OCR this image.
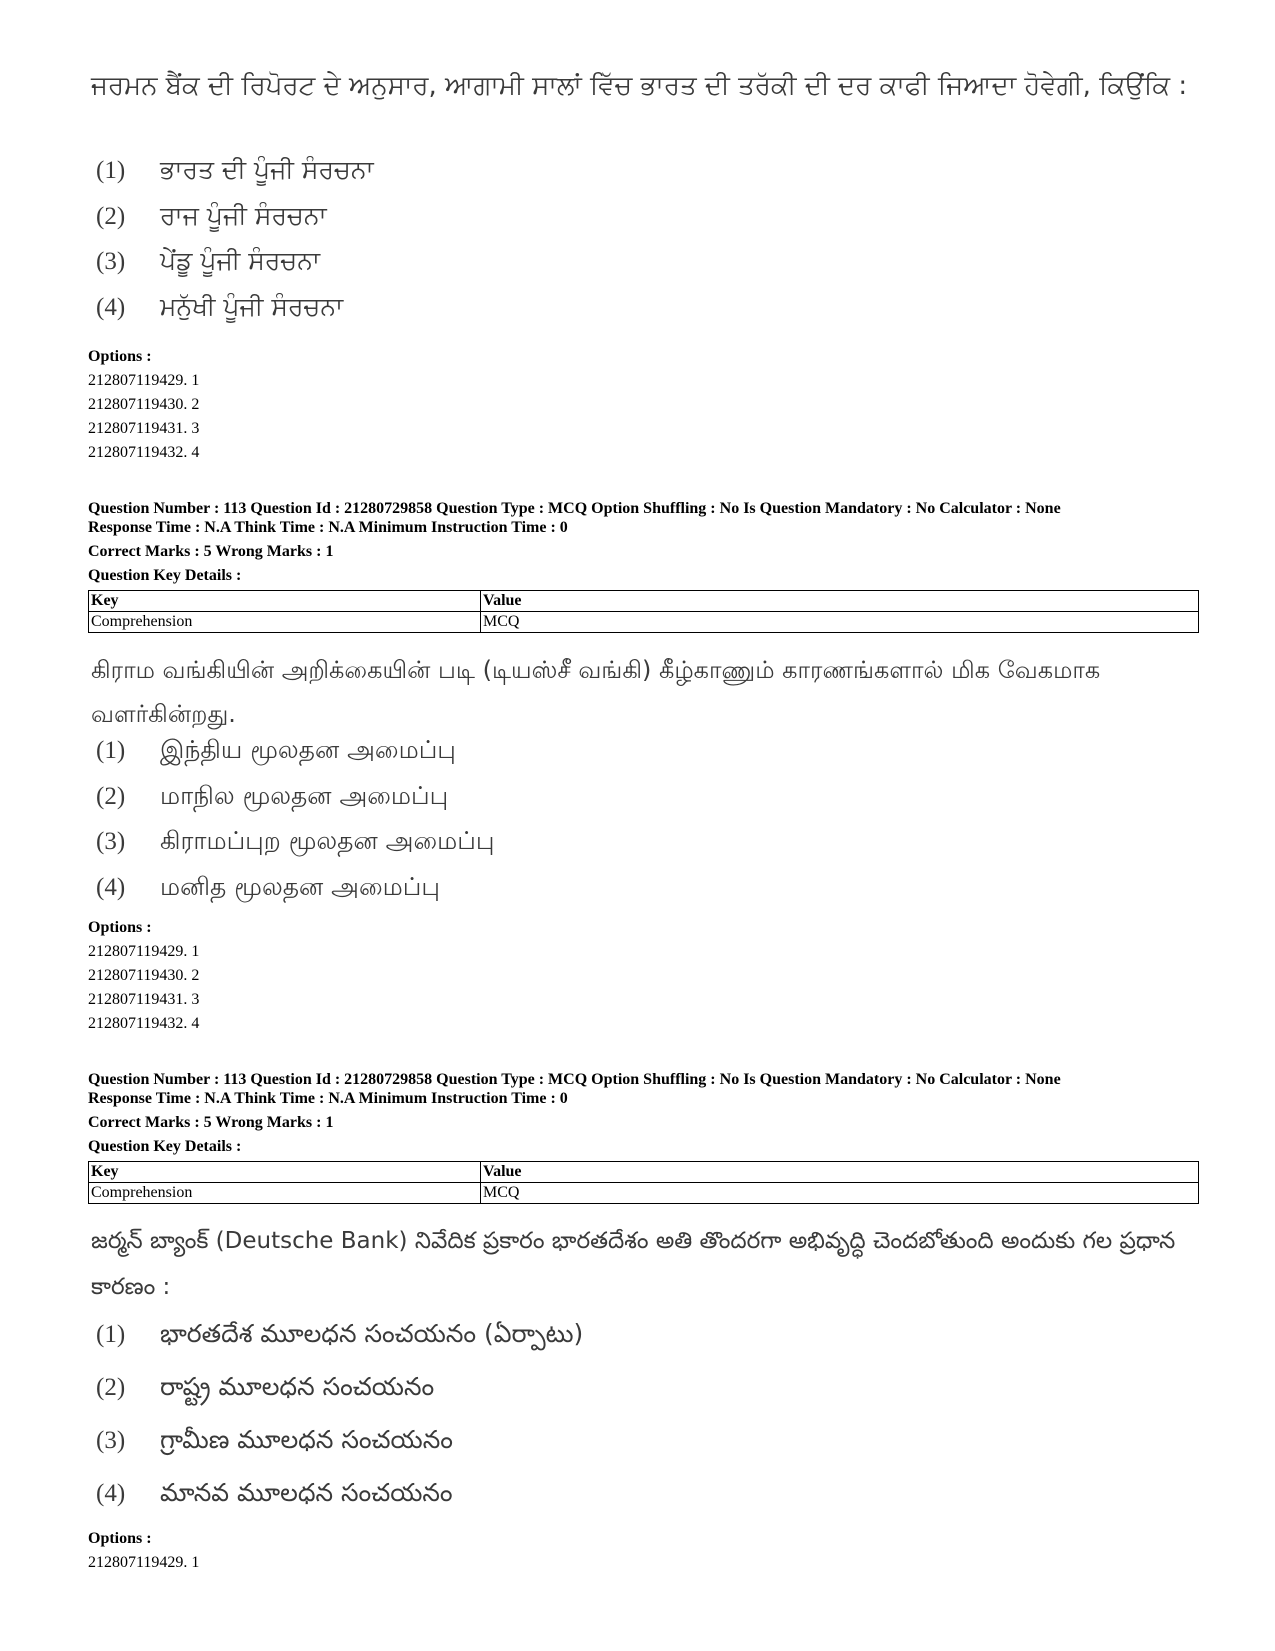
ਜਰਮਨ ਬੈਂਕ ਦੀ ਰਿਪੋਰਟ ਦੇ ਅਨੁਸਾਰ, ਆਗਾਮੀ ਸਾਲਾਂ ਵਿੱਚ ਭਾਰਤ ਦੀ ਤਰੱਕੀ ਦੀ ਦਰ ਕਾਫੀ ਜਿਆਦਾ ਹੋਵੇਗੀ, ਕਿਉਂਕਿ :
(1) ਭਾਰਤ ਦੀ ਪੂੰਜੀ ਸੰਰਚਨਾ
(2) ਰਾਜ ਪੂੰਜੀ ਸੰਰਚਨਾ
(3) ਪੇਂਡੂ ਪੂੰਜੀ ਸੰਰਚਨਾ
(4) ਮਨੁੱਖੀ ਪੂੰਜੀ ਸੰਰਚਨਾ
Options :
212807119429. 1
212807119430. 2
212807119431. 3
212807119432. 4
Question Number : 113 Question Id : 21280729858 Question Type : MCQ Option Shuffling : No Is Question Mandatory : No Calculator : None
Response Time : N.A Think Time : N.A Minimum Instruction Time : 0
Correct Marks : 5 Wrong Marks : 1
Question Key Details :
Key	Value
Comprehension	MCQ
கிராம வங்கியின் அறிக்கையின் படி (டியஸ்சீ வங்கி) கீழ்காணும் காரணங்களால் மிக வேகமாக வளர்கின்றது.
(1) இந்திய மூலதன அமைப்பு
(2) மாநில மூலதன அமைப்பு
(3) கிராமப்புற மூலதன அமைப்பு
(4) மனித மூலதன அமைப்பு
Options :
212807119429. 1
212807119430. 2
212807119431. 3
212807119432. 4
Question Number : 113 Question Id : 21280729858 Question Type : MCQ Option Shuffling : No Is Question Mandatory : No Calculator : None
Response Time : N.A Think Time : N.A Minimum Instruction Time : 0
Correct Marks : 5 Wrong Marks : 1
Question Key Details :
Key	Value
Comprehension	MCQ
జర్మన్ బ్యాంక్ (Deutsche Bank) నివేదిక ప్రకారం భారతదేశం అతి తొందరగా అభివృద్ధి చెందబోతుంది అందుకు గల ప్రధాన కారణం :
(1) భారతదేశ మూలధన సంచయనం (ఏర్పాటు)
(2) రాష్ట్ర మూలధన సంచయనం
(3) గ్రామీణ మూలధన సంచయనం
(4) మానవ మూలధన సంచయనం
Options :
212807119429. 1
